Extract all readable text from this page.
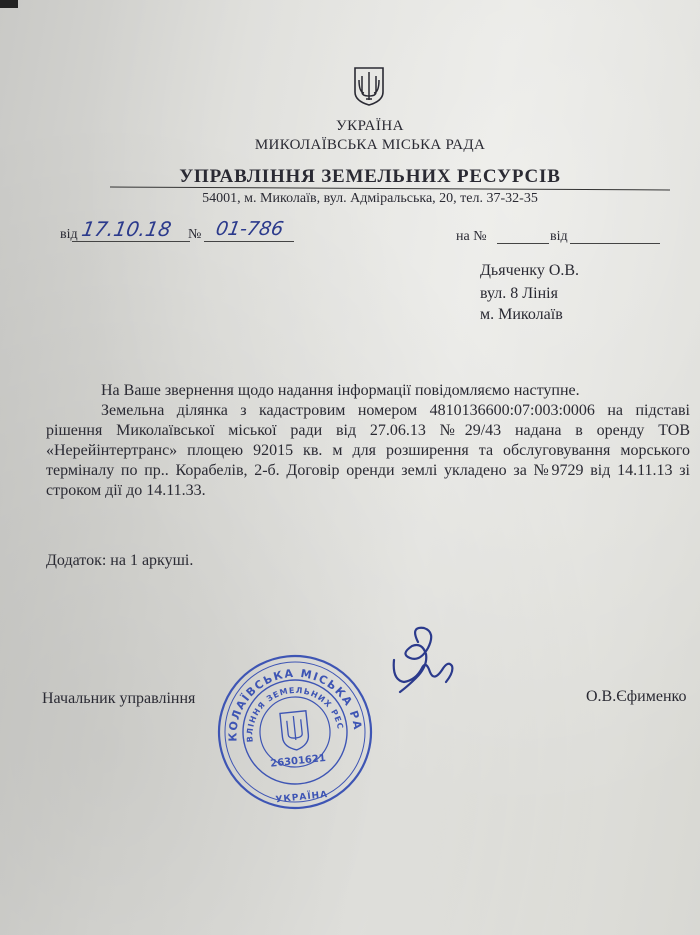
УКРАЇНА
МИКОЛАЇВСЬКА МІСЬКА РАДА
УПРАВЛІННЯ ЗЕМЕЛЬНИХ РЕСУРСІВ
54001, м. Миколаїв, вул. Адміральська, 20, тел. 37-32-35
від 17.10.18 № 01-786	на №	від
Дьяченку О.В.
вул. 8 Лінія
м. Миколаїв
На Ваше звернення щодо надання інформації повідомляємо наступне.
Земельна ділянка з кадастровим номером 4810136600:07:003:0006 на підставі рішення Миколаївської міської ради від 27.06.13 №29/43 надана в оренду ТОВ «Нерейінтертранс» площею 92015 кв. м для розширення та обслуговування морського терміналу по пр.. Корабелів, 2-б. Договір оренди землі укладено за №9729 від 14.11.13 зі строком дії до 14.11.33.
Додаток: на 1 аркуші.
Начальник управління	О.В.Єфименко
МИКОЛАЇВСЬКА МІСЬКА РАДА
УПРАВЛІННЯ ЗЕМЕЛЬНИХ РЕСУРСІВ
26301621
УКРАЇНА
